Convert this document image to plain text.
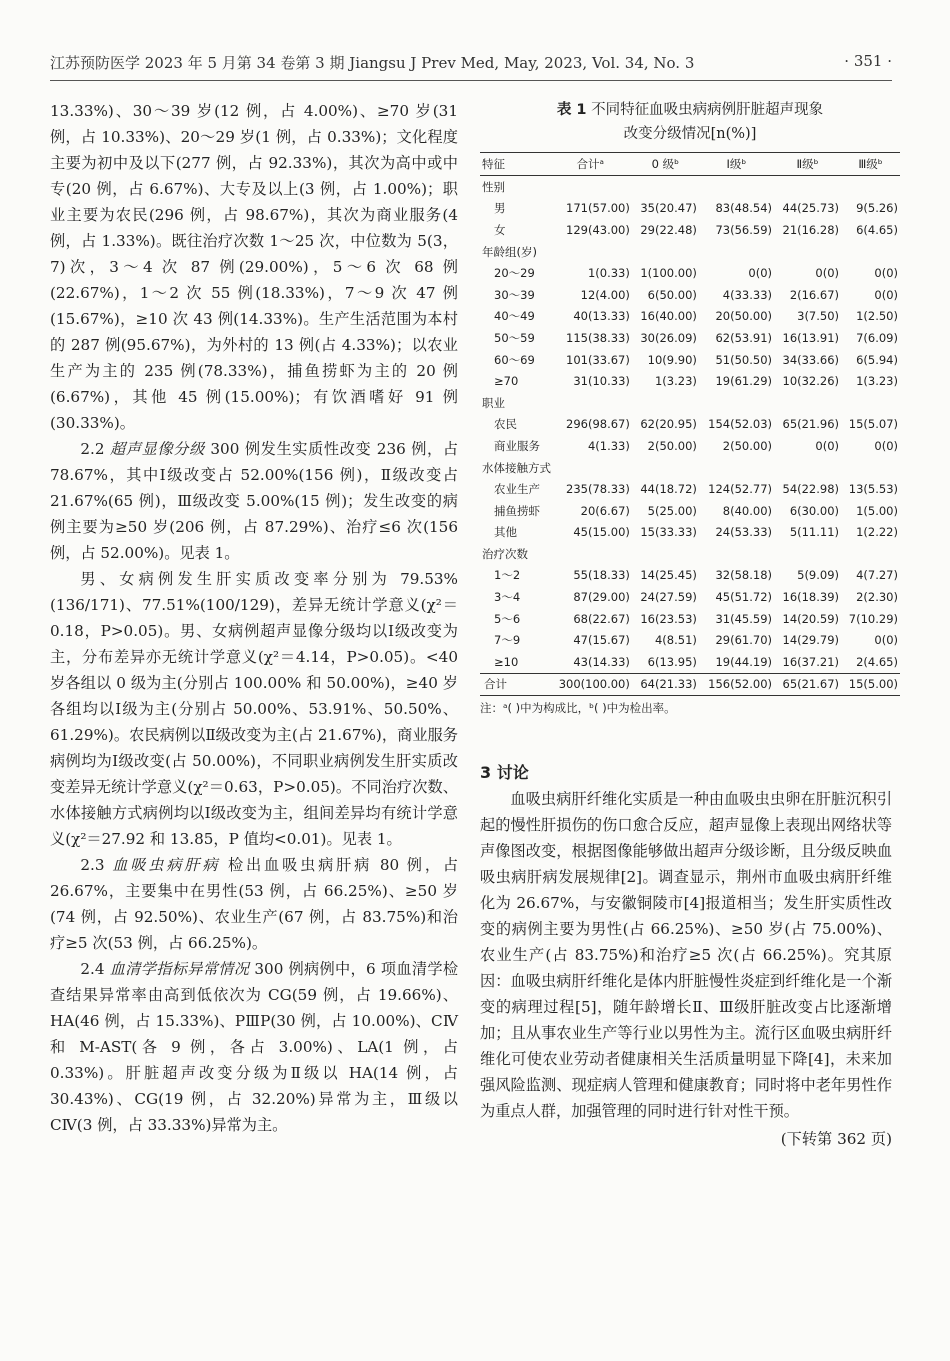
江苏预防医学 2023 年 5 月第 34 卷第 3 期 Jiangsu J Prev Med, May, 2023, Vol. 34, No. 3	· 351 ·

13.33%)、30～39 岁(12 例，占 4.00%)、≥70 岁(31 例，占 10.33%)、20～29 岁(1 例，占 0.33%)；文化程度主要为初中及以下(277 例，占 92.33%)，其次为高中或中专(20 例，占 6.67%)、大专及以上(3 例，占 1.00%)；职业主要为农民(296 例，占 98.67%)，其次为商业服务(4 例，占 1.33%)。既往治疗次数 1～25 次，中位数为 5(3，7)次，3～4 次 87 例(29.00%)，5～6 次 68 例(22.67%)，1～2 次 55 例(18.33%)，7～9 次 47 例(15.67%)，≥10 次 43 例(14.33%)。生产生活范围为本村的 287 例(95.67%)，为外村的 13 例(占 4.33%)；以农业生产为主的 235 例(78.33%)，捕鱼捞虾为主的 20 例(6.67%)，其他 45 例(15.00%)；有饮酒嗜好 91 例(30.33%)。

2.2 超声显像分级 300 例发生实质性改变 236 例，占 78.67%，其中Ⅰ级改变占 52.00%(156 例)，Ⅱ级改变占 21.67%(65 例)，Ⅲ级改变 5.00%(15 例)；发生改变的病例主要为≥50 岁(206 例，占 87.29%)、治疗≤6 次(156 例，占 52.00%)。见表 1。

男、女病例发生肝实质改变率分别为 79.53%(136/171)、77.51%(100/129)，差异无统计学意义(χ²＝0.18，P>0.05)。男、女病例超声显像分级均以Ⅰ级改变为主，分布差异亦无统计学意义(χ²＝4.14，P>0.05)。<40 岁各组以 0 级为主(分别占 100.00% 和 50.00%)，≥40 岁各组均以Ⅰ级为主(分别占 50.00%、53.91%、50.50%、61.29%)。农民病例以Ⅱ级改变为主(占 21.67%)，商业服务病例均为Ⅰ级改变(占 50.00%)，不同职业病例发生肝实质改变差异无统计学意义(χ²＝0.63，P>0.05)。不同治疗次数、水体接触方式病例均以Ⅰ级改变为主，组间差异均有统计学意义(χ²＝27.92 和 13.85，P 值均<0.01)。见表 1。

2.3 血吸虫病肝病 检出血吸虫病肝病 80 例，占 26.67%，主要集中在男性(53 例，占 66.25%)、≥50 岁(74 例，占 92.50%)、农业生产(67 例，占 83.75%)和治疗≥5 次(53 例，占 66.25%)。

2.4 血清学指标异常情况 300 例病例中，6 项血清学检查结果异常率由高到低依次为 CG(59 例，占 19.66%)、HA(46 例，占 15.33%)、PⅢP(30 例，占 10.00%)、CⅣ和 M-AST(各 9 例，各占 3.00%)、LA(1 例，占 0.33%)。肝脏超声改变分级为Ⅱ级以 HA(14 例，占 30.43%)、CG(19 例，占 32.20%)异常为主，Ⅲ级以 CⅣ(3 例，占 33.33%)异常为主。

表 1 不同特征血吸虫病病例肝脏超声现象
改变分级情况[n(%)]
特征	合计ᵃ	0 级ᵇ	Ⅰ级ᵇ	Ⅱ级ᵇ	Ⅲ级ᵇ
性别					
男	171(57.00)	35(20.47)	83(48.54)	44(25.73)	9(5.26)
女	129(43.00)	29(22.48)	73(56.59)	21(16.28)	6(4.65)
年龄组(岁)					
20～29	1(0.33)	1(100.00)	0(0)	0(0)	0(0)
30～39	12(4.00)	6(50.00)	4(33.33)	2(16.67)	0(0)
40～49	40(13.33)	16(40.00)	20(50.00)	3(7.50)	1(2.50)
50～59	115(38.33)	30(26.09)	62(53.91)	16(13.91)	7(6.09)
60～69	101(33.67)	10(9.90)	51(50.50)	34(33.66)	6(5.94)
≥70	31(10.33)	1(3.23)	19(61.29)	10(32.26)	1(3.23)
职业					
农民	296(98.67)	62(20.95)	154(52.03)	65(21.96)	15(5.07)
商业服务	4(1.33)	2(50.00)	2(50.00)	0(0)	0(0)
水体接触方式					
农业生产	235(78.33)	44(18.72)	124(52.77)	54(22.98)	13(5.53)
捕鱼捞虾	20(6.67)	5(25.00)	8(40.00)	6(30.00)	1(5.00)
其他	45(15.00)	15(33.33)	24(53.33)	5(11.11)	1(2.22)
治疗次数					
1～2	55(18.33)	14(25.45)	32(58.18)	5(9.09)	4(7.27)
3～4	87(29.00)	24(27.59)	45(51.72)	16(18.39)	2(2.30)
5～6	68(22.67)	16(23.53)	31(45.59)	14(20.59)	7(10.29)
7～9	47(15.67)	4(8.51)	29(61.70)	14(29.79)	0(0)
≥10	43(14.33)	6(13.95)	19(44.19)	16(37.21)	2(4.65)
合计	300(100.00)	64(21.33)	156(52.00)	65(21.67)	15(5.00)
注：ᵃ( )中为构成比，ᵇ( )中为检出率。
3 讨论

血吸虫病肝纤维化实质是一种由血吸虫虫卵在肝脏沉积引起的慢性肝损伤的伤口愈合反应，超声显像上表现出网络状等声像图改变，根据图像能够做出超声分级诊断，且分级反映血吸虫病肝病发展规律[2]。调查显示，荆州市血吸虫病肝纤维化为 26.67%，与安徽铜陵市[4]报道相当；发生肝实质性改变的病例主要为男性(占 66.25%)、≥50 岁(占 75.00%)、农业生产(占 83.75%)和治疗≥5 次(占 66.25%)。究其原因：血吸虫病肝纤维化是体内肝脏慢性炎症到纤维化是一个渐变的病理过程[5]，随年龄增长Ⅱ、Ⅲ级肝脏改变占比逐渐增加；且从事农业生产等行业以男性为主。流行区血吸虫病肝纤维化可使农业劳动者健康相关生活质量明显下降[4]，未来加强风险监测、现症病人管理和健康教育；同时将中老年男性作为重点人群，加强管理的同时进行针对性干预。

(下转第 362 页)
